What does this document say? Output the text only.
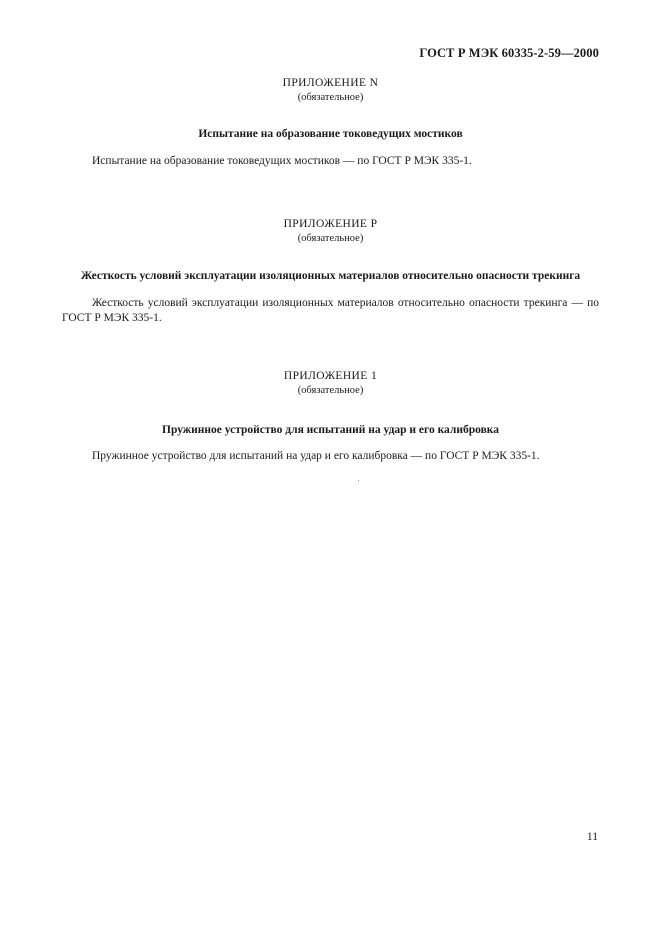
ГОСТ Р МЭК 60335-2-59—2000
ПРИЛОЖЕНИЕ N
(обязательное)
Испытание на образование токоведущих мостиков
Испытание на образование токоведущих мостиков — по ГОСТ Р МЭК 335-1.
ПРИЛОЖЕНИЕ Р
(обязательное)
Жесткость условий эксплуатации изоляционных материалов относительно опасности трекинга
Жесткость условий эксплуатации изоляционных материалов относительно опасности трекинга — по ГОСТ Р МЭК 335-1.
ПРИЛОЖЕНИЕ 1
(обязательное)
Пружинное устройство для испытаний на удар и его калибровка
Пружинное устройство для испытаний на удар и его калибровка — по ГОСТ Р МЭК 335-1.
11
